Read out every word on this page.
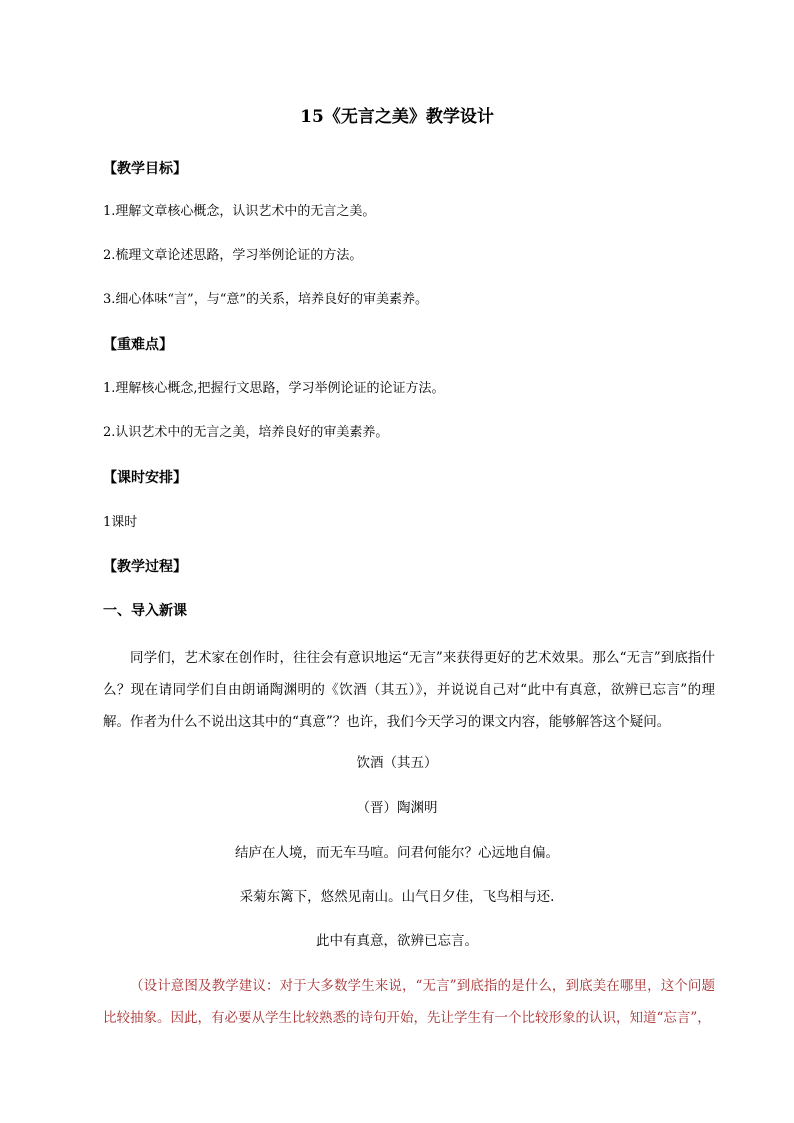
15《无言之美》教学设计
【教学目标】
1.理解文章核心概念，认识艺术中的无言之美。
2.梳理文章论述思路，学习举例论证的方法。
3.细心体味“言”，与“意”的关系，培养良好的审美素养。
【重难点】
1.理解核心概念,把握行文思路，学习举例论证的论证方法。
2.认识艺术中的无言之美，培养良好的审美素养。
【课时安排】
1课时
【教学过程】
一、导入新课
同学们，艺术家在创作时，往往会有意识地运“无言”来获得更好的艺术效果。那么“无言”到底指什么？现在请同学们自由朗诵陶渊明的《饮酒（其五）》，并说说自己对“此中有真意，欲辨已忘言”的理解。作者为什么不说出这其中的“真意”？也许，我们今天学习的课文内容，能够解答这个疑问。
饮酒（其五）
（晋）陶渊明
结庐在人境，而无车马喧。问君何能尔？心远地自偏。
采菊东篱下，悠然见南山。山气日夕佳，飞鸟相与还.
此中有真意，欲辨已忘言。
（设计意图及教学建议：对于大多数学生来说，“无言”到底指的是什么，到底美在哪里，这个问题比较抽象。因此，有必要从学生比较熟悉的诗句开始，先让学生有一个比较形象的认识，知道“忘言”，
